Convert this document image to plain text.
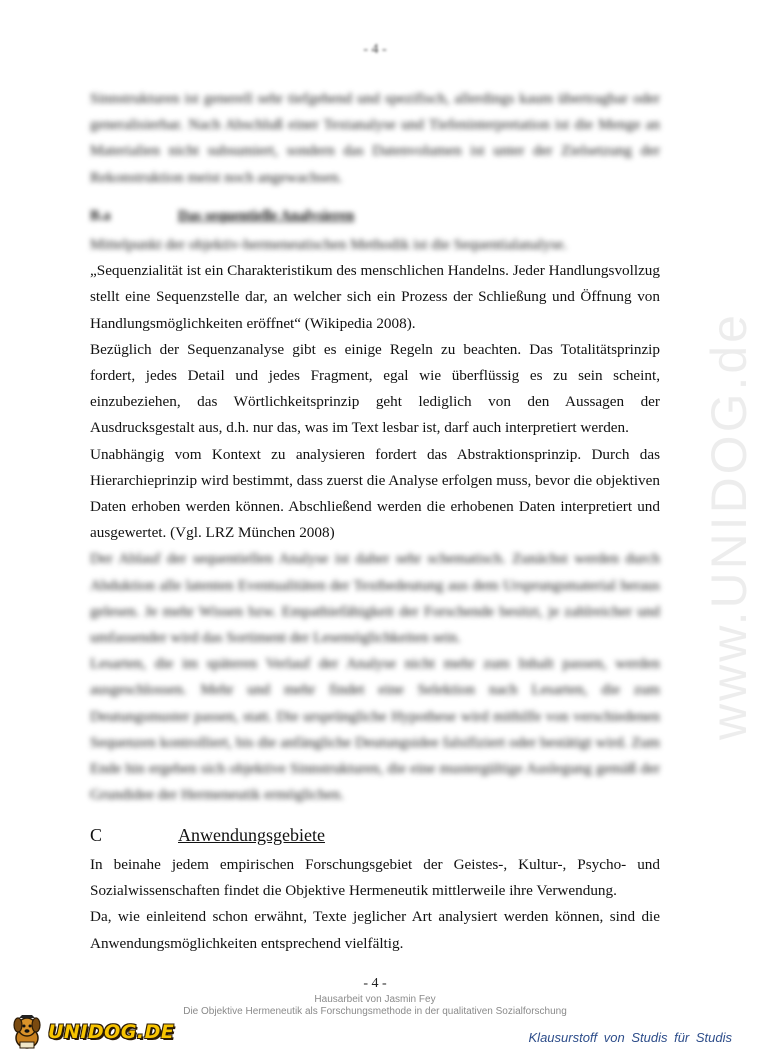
www.UNIDOG.de
- 4 -

Sinnstrukturen ist generell sehr tiefgehend und spezifisch, allerdings kaum übertragbar oder generalisierbar. Nach Abschluß einer Textanalyse und Tiefeninterpretation ist die Menge an Materialien nicht subsumiert, sondern das Datenvolumen ist unter der Zielsetzung der Rekonstruktion meist noch angewachsen.

B.a	Das sequentielle Analysieren

Mittelpunkt der objektiv-hermeneutischen Methodik ist die Sequentialanalyse.

„Sequenzialität ist ein Charakteristikum des menschlichen Handelns. Jeder Handlungsvollzug stellt eine Sequenzstelle dar, an welcher sich ein Prozess der Schließung und Öffnung von Handlungsmöglichkeiten eröffnet“ (Wikipedia 2008).

Bezüglich der Sequenzanalyse gibt es einige Regeln zu beachten. Das Totalitätsprinzip fordert, jedes Detail und jedes Fragment, egal wie überflüssig es zu sein scheint, einzubeziehen, das Wörtlichkeitsprinzip geht lediglich von den Aussagen der Ausdrucksgestalt aus, d.h. nur das, was im Text lesbar ist, darf auch interpretiert werden.

Unabhängig vom Kontext zu analysieren fordert das Abstraktionsprinzip. Durch das Hierarchieprinzip wird bestimmt, dass zuerst die Analyse erfolgen muss, bevor die objektiven Daten erhoben werden können. Abschließend werden die erhobenen Daten interpretiert und ausgewertet. (Vgl. LRZ München 2008)

Der Ablauf der sequentiellen Analyse ist daher sehr schematisch. Zunächst werden durch Abduktion alle latenten Eventualitäten der Textbedeutung aus dem Ursprungsmaterial heraus gelesen. Je mehr Wissen bzw. Empathiefähigkeit der Forschende besitzt, je zahlreicher und umfassender wird das Sortiment der Lesemöglichkeiten sein.

Lesarten, die im späteren Verlauf der Analyse nicht mehr zum Inhalt passen, werden ausgeschlossen. Mehr und mehr findet eine Selektion nach Lesarten, die zum Deutungsmuster passen, statt. Die ursprüngliche Hypothese wird mithilfe von verschiedenen Sequenzen kontrolliert, bis die anfängliche Deutungsidee falsifiziert oder bestätigt wird. Zum Ende hin ergeben sich objektive Sinnstrukturen, die eine mustergültige Auslegung gemäß der Grundidee der Hermeneutik ermöglichen.

C	Anwendungsgebiete

In beinahe jedem empirischen Forschungsgebiet der Geistes-, Kultur-, Psycho- und Sozialwissenschaften findet die Objektive Hermeneutik mittlerweile ihre Verwendung.

Da, wie einleitend schon erwähnt, Texte jeglicher Art analysiert werden können, sind die Anwendungsmöglichkeiten entsprechend vielfältig.

- 4 -
Hausarbeit von Jasmin Fey
Die Objektive Hermeneutik als Forschungsmethode in der qualitativen Sozialforschung
UNIDOG.DE	Klausurstoff von Studis für Studis
